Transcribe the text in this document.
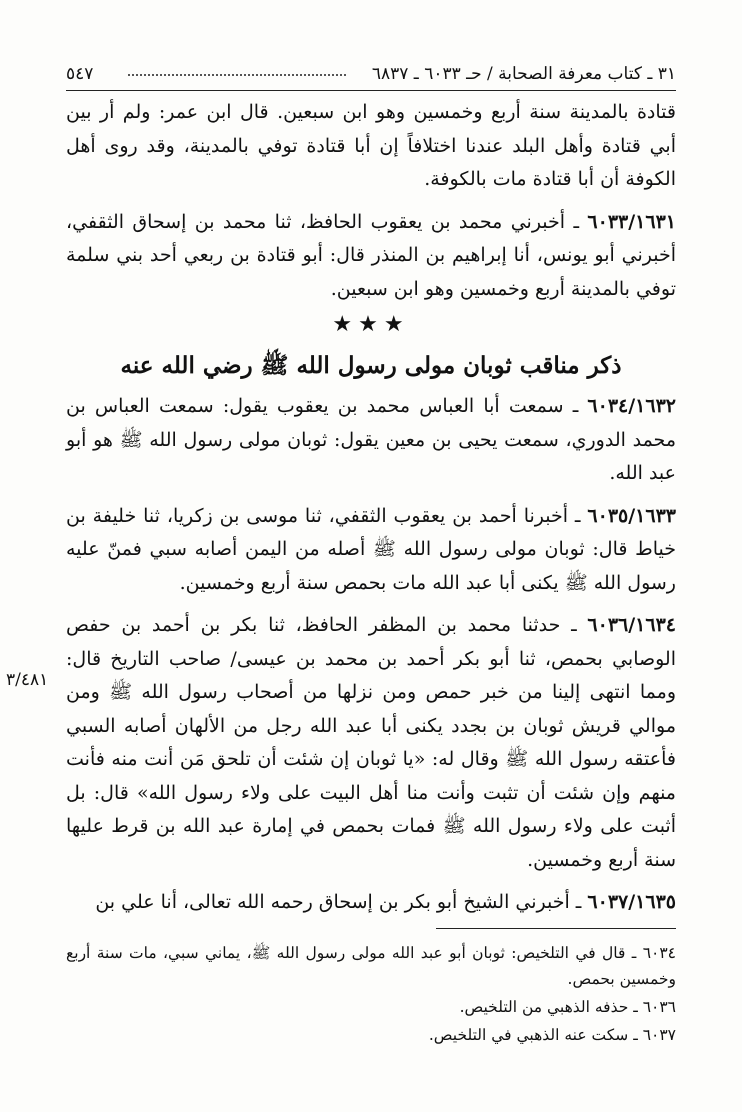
٣١ ـ كتاب معرفة الصحابة / حـ ٦٠٣٣ ـ ٦٨٣٧
٥٤٧

قتادة بالمدينة سنة أربع وخمسين وهو ابن سبعين. قال ابن عمر: ولم أر بين أبي قتادة وأهل البلد عندنا اختلافاً إن أبا قتادة توفي بالمدينة، وقد روى أهل الكوفة أن أبا قتادة مات بالكوفة.

٦٠٣٣/١٦٣١ ـ أخبرني محمد بن يعقوب الحافظ، ثنا محمد بن إسحاق الثقفي، أخبرني أبو يونس، أنا إبراهيم بن المنذر قال: أبو قتادة بن ربعي أحد بني سلمة توفي بالمدينة أربع وخمسين وهو ابن سبعين.

★★★

ذكر مناقب ثوبان مولى رسول الله ﷺ رضي الله عنه

٦٠٣٤/١٦٣٢ ـ سمعت أبا العباس محمد بن يعقوب يقول: سمعت العباس بن محمد الدوري، سمعت يحيى بن معين يقول: ثوبان مولى رسول الله ﷺ هو أبو عبد الله.

٦٠٣٥/١٦٣٣ ـ أخبرنا أحمد بن يعقوب الثقفي، ثنا موسى بن زكريا، ثنا خليفة بن خياط قال: ثوبان مولى رسول الله ﷺ أصله من اليمن أصابه سبي فمنّ عليه رسول الله ﷺ يكنى أبا عبد الله مات بحمص سنة أربع وخمسين.

٦٠٣٦/١٦٣٤ ـ حدثنا محمد بن المظفر الحافظ، ثنا بكر بن أحمد بن حفص الوصابي بحمص، ثنا أبو بكر أحمد بن محمد بن عيسى/ صاحب التاريخ قال: ومما انتهى إلينا من خبر حمص ومن نزلها من أصحاب رسول الله ﷺ ومن موالي قريش ثوبان بن بجدد يكنى أبا عبد الله رجل من الألهان أصابه السبي فأعتقه رسول الله ﷺ وقال له: «يا ثوبان إن شئت أن تلحق مَن أنت منه فأنت منهم وإن شئت أن تثبت وأنت منا أهل البيت على ولاء رسول الله» قال: بل أثبت على ولاء رسول الله ﷺ فمات بحمص في إمارة عبد الله بن قرط عليها سنة أربع وخمسين.

٦٠٣٧/١٦٣٥ ـ أخبرني الشيخ أبو بكر بن إسحاق رحمه الله تعالى، أنا علي بن

٣/٤٨١

٦٠٣٤ ـ قال في التلخيص: ثوبان أبو عبد الله مولى رسول الله ﷺ، يماني سبي، مات سنة أربع وخمسين بحمص.

٦٠٣٦ ـ حذفه الذهبي من التلخيص.

٦٠٣٧ ـ سكت عنه الذهبي في التلخيص.
